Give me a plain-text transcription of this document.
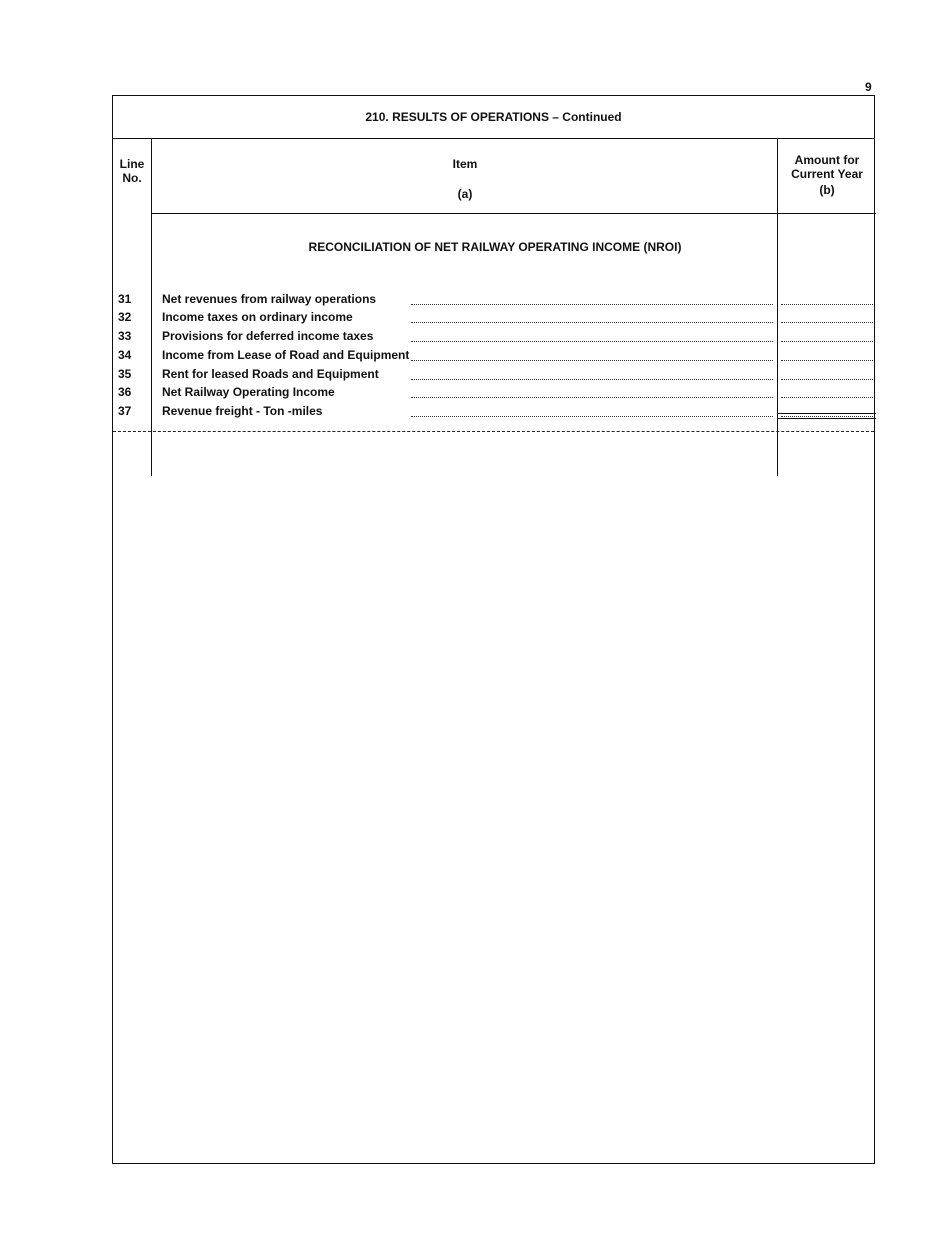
9
210. RESULTS OF OPERATIONS – Continued
Line No.
Item
(a)
Amount for Current Year
(b)
RECONCILIATION OF NET RAILWAY OPERATING INCOME (NROI)
31	Net revenues from railway operations
32	Income taxes on ordinary income
33	Provisions for deferred income taxes
34	Income from Lease of Road and Equipment
35	Rent for leased Roads and Equipment
36	Net Railway Operating Income
37	Revenue freight - Ton -miles
